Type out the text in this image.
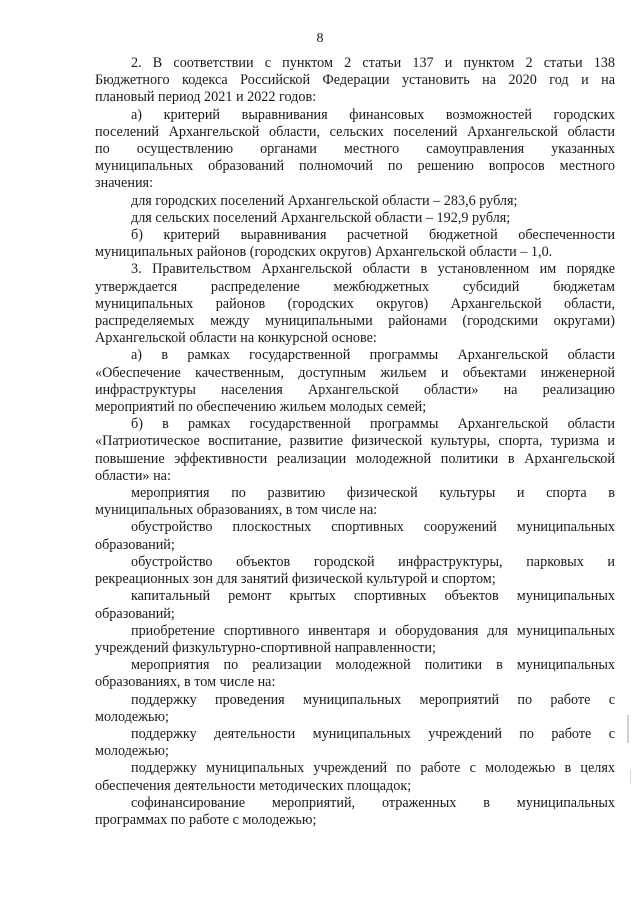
8
2. В соответствии с пунктом 2 статьи 137 и пунктом 2 статьи 138
Бюджетного кодекса Российской Федерации установить на 2020 год и на
плановый период 2021 и 2022 годов:
а) критерий выравнивания финансовых возможностей городских
поселений Архангельской области, сельских поселений Архангельской области
по осуществлению органами местного самоуправления указанных
муниципальных образований полномочий по решению вопросов местного
значения:
для городских поселений Архангельской области – 283,6 рубля;
для сельских поселений Архангельской области – 192,9 рубля;
б) критерий выравнивания расчетной бюджетной обеспеченности
муниципальных районов (городских округов) Архангельской области – 1,0.
3. Правительством Архангельской области в установленном им порядке
утверждается распределение межбюджетных субсидий бюджетам
муниципальных районов (городских округов) Архангельской области,
распределяемых между муниципальными районами (городскими округами)
Архангельской области на конкурсной основе:
а) в рамках государственной программы Архангельской области
«Обеспечение качественным, доступным жильем и объектами инженерной
инфраструктуры населения Архангельской области» на реализацию
мероприятий по обеспечению жильем молодых семей;
б) в рамках государственной программы Архангельской области
«Патриотическое воспитание, развитие физической культуры, спорта, туризма и
повышение эффективности реализации молодежной политики в Архангельской
области» на:
мероприятия по развитию физической культуры и спорта в
муниципальных образованиях, в том числе на:
обустройство плоскостных спортивных сооружений муниципальных
образований;
обустройство объектов городской инфраструктуры, парковых и
рекреационных зон для занятий физической культурой и спортом;
капитальный ремонт крытых спортивных объектов муниципальных
образований;
приобретение спортивного инвентаря и оборудования для муниципальных
учреждений физкультурно-спортивной направленности;
мероприятия по реализации молодежной политики в муниципальных
образованиях, в том числе на:
поддержку проведения муниципальных мероприятий по работе с
молодежью;
поддержку деятельности муниципальных учреждений по работе с
молодежью;
поддержку муниципальных учреждений по работе с молодежью в целях
обеспечения деятельности методических площадок;
софинансирование мероприятий, отраженных в муниципальных
программах по работе с молодежью;
